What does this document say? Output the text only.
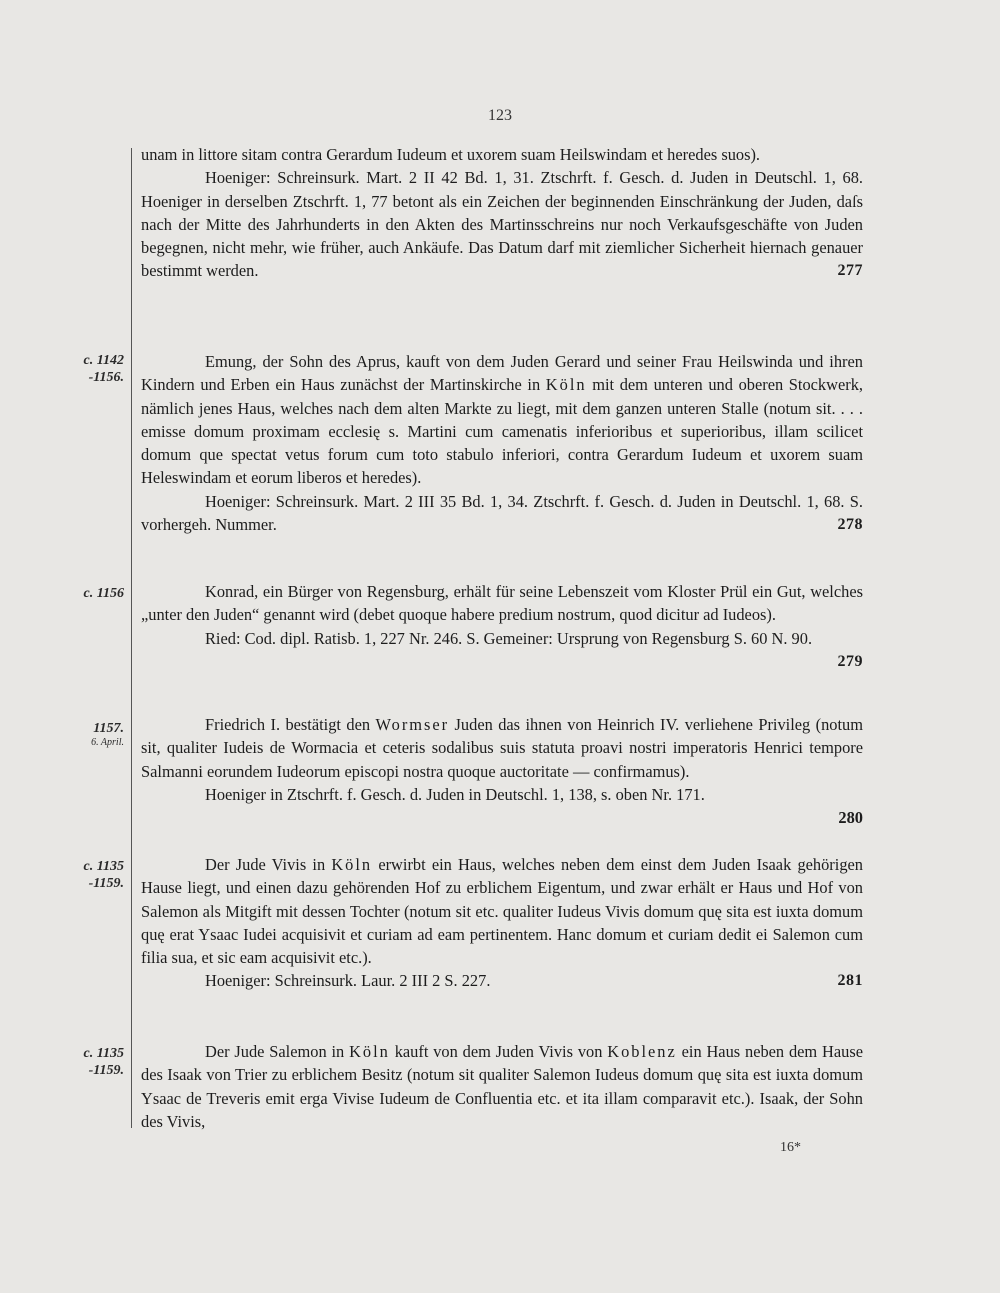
123

unam in littore sitam contra Gerardum Iudeum et uxorem suam Heilswindam et heredes suos).

Hoeniger: Schreinsurk. Mart. 2 II 42 Bd. 1, 31. Ztschrft. f. Gesch. d. Juden in Deutschl. 1, 68. Hoeniger in derselben Ztschrft. 1, 77 betont als ein Zeichen der beginnenden Einschränkung der Juden, daſs nach der Mitte des Jahrhunderts in den Akten des Martinsschreins nur noch Verkaufsgeschäfte von Juden begegnen, nicht mehr, wie früher, auch Ankäufe. Das Datum darf mit ziemlicher Sicherheit hiernach genauer bestimmt werden.	277

c. 1142
-1156.

Emung, der Sohn des Aprus, kauft von dem Juden Gerard und seiner Frau Heilswinda und ihren Kindern und Erben ein Haus zunächst der Martinskirche in Köln mit dem unteren und oberen Stockwerk, nämlich jenes Haus, welches nach dem alten Markte zu liegt, mit dem ganzen unteren Stalle (notum sit. . . . emisse domum proximam ecclesię s. Martini cum camenatis inferioribus et superioribus, illam scilicet domum que spectat vetus forum cum toto stabulo inferiori, contra Gerardum Iudeum et uxorem suam Heleswindam et eorum liberos et heredes).

Hoeniger: Schreinsurk. Mart. 2 III 35 Bd. 1, 34. Ztschrft. f. Gesch. d. Juden in Deutschl. 1, 68. S. vorhergeh. Nummer.	278

c. 1156	Konrad, ein Bürger von Regensburg, erhält für seine Lebenszeit vom Kloster Prül ein Gut, welches „unter den Juden“ genannt wird (debet quoque habere predium nostrum, quod dicitur ad Iudeos).

Ried: Cod. dipl. Ratisb. 1, 227 Nr. 246. S. Gemeiner: Ursprung von Regensburg S. 60 N. 90.
279

1157.
6. April.

Friedrich I. bestätigt den Wormser Juden das ihnen von Heinrich IV. verliehene Privileg (notum sit, qualiter Iudeis de Wormacia et ceteris sodalibus suis statuta proavi nostri imperatoris Henrici tempore Salmanni eorundem Iudeorum episcopi nostra quoque auctoritate — confirmamus).

Hoeniger in Ztschrft. f. Gesch. d. Juden in Deutschl. 1, 138, s. oben Nr. 171.

280

c. 1135
-1159.

Der Jude Vivis in Köln erwirbt ein Haus, welches neben dem einst dem Juden Isaak gehörigen Hause liegt, und einen dazu gehörenden Hof zu erblichem Eigentum, und zwar erhält er Haus und Hof von Salemon als Mitgift mit dessen Tochter (notum sit etc. qualiter Iudeus Vivis domum quę sita est iuxta domum quę erat Ysaac Iudei acquisivit et curiam ad eam pertinentem. Hanc domum et curiam dedit ei Salemon cum filia sua, et sic eam acquisivit etc.).

Hoeniger: Schreinsurk. Laur. 2 III 2 S. 227.	281

c. 1135
-1159.

Der Jude Salemon in Köln kauft von dem Juden Vivis von Koblenz ein Haus neben dem Hause des Isaak von Trier zu erblichem Besitz (notum sit qualiter Salemon Iudeus domum quę sita est iuxta domum Ysaac de Treveris emit erga Vivise Iudeum de Confluentia etc. et ita illam comparavit etc.). Isaak, der Sohn des Vivis,

16*
